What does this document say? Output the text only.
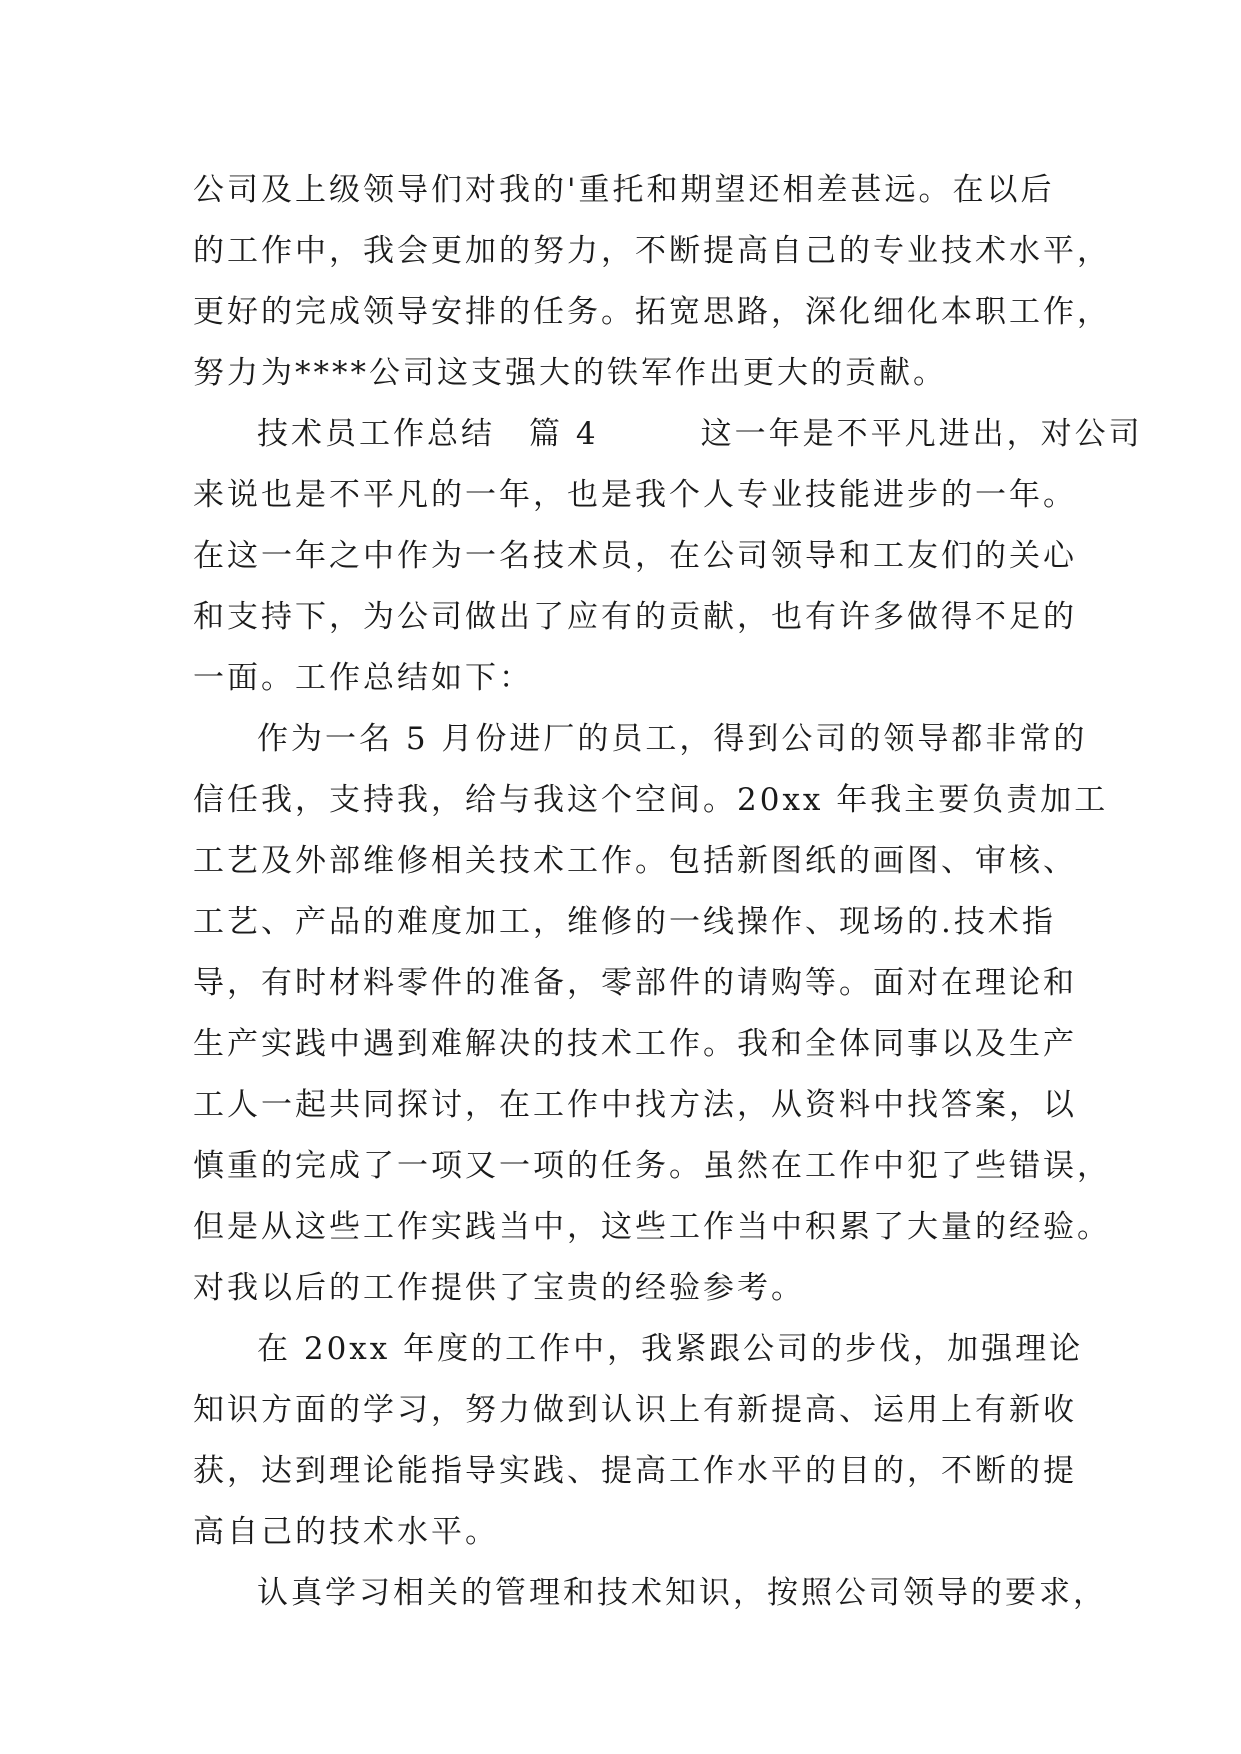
公司及上级领导们对我的'重托和期望还相差甚远。在以后
的工作中，我会更加的努力，不断提高自己的专业技术水平，
更好的完成领导安排的任务。拓宽思路，深化细化本职工作，
努力为****公司这支强大的铁军作出更大的贡献。
技术员工作总结　篇 4　　　这一年是不平凡进出，对公司
来说也是不平凡的一年，也是我个人专业技能进步的一年。
在这一年之中作为一名技术员，在公司领导和工友们的关心
和支持下，为公司做出了应有的贡献，也有许多做得不足的
一面。工作总结如下：
作为一名 5 月份进厂的员工，得到公司的领导都非常的
信任我，支持我，给与我这个空间。20xx 年我主要负责加工
工艺及外部维修相关技术工作。包括新图纸的画图、审核、
工艺、产品的难度加工，维修的一线操作、现场的.技术指
导，有时材料零件的准备，零部件的请购等。面对在理论和
生产实践中遇到难解决的技术工作。我和全体同事以及生产
工人一起共同探讨，在工作中找方法，从资料中找答案，以
慎重的完成了一项又一项的任务。虽然在工作中犯了些错误，
但是从这些工作实践当中，这些工作当中积累了大量的经验。
对我以后的工作提供了宝贵的经验参考。
在 20xx 年度的工作中，我紧跟公司的步伐，加强理论
知识方面的学习，努力做到认识上有新提高、运用上有新收
获，达到理论能指导实践、提高工作水平的目的，不断的提
高自己的技术水平。
认真学习相关的管理和技术知识，按照公司领导的要求，
